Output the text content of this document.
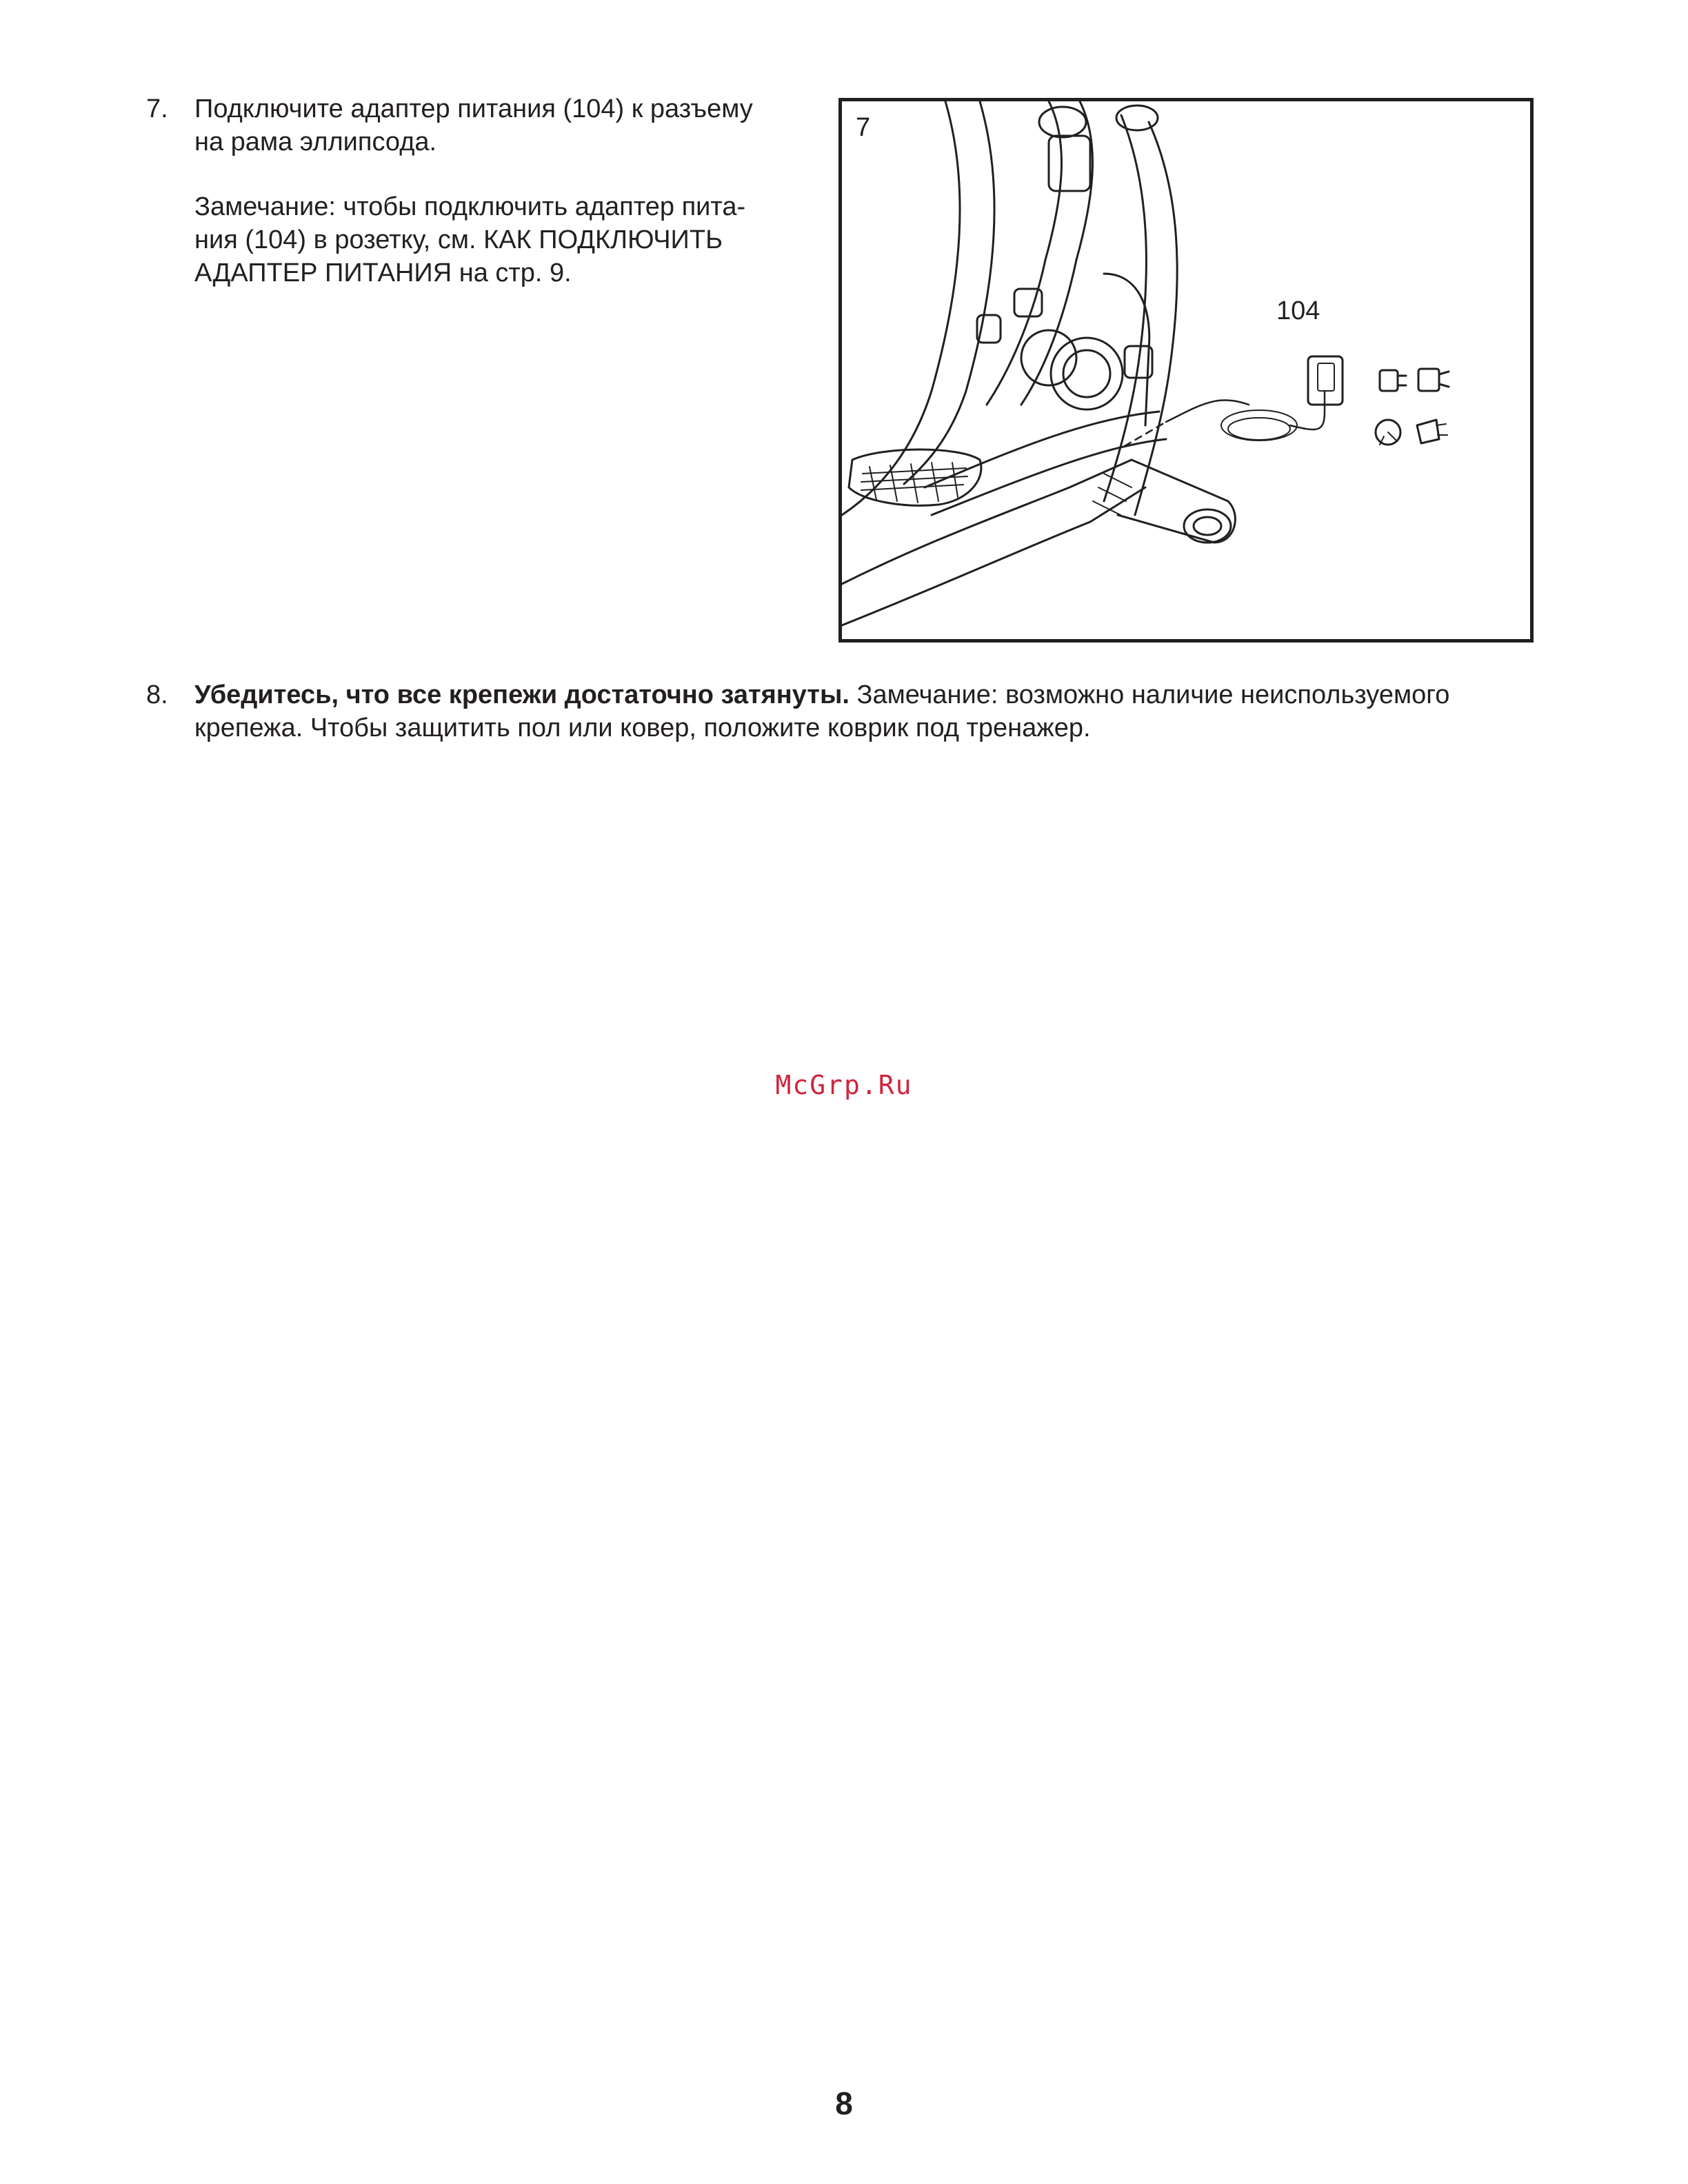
7. Подключите адаптер питания (104) к разъему
на рама эллипсода.
Замечание: чтобы подключить адаптер пита-
ния (104) в розетку, см. КАК ПОДКЛЮЧИТЬ
АДАПТЕР ПИТАНИЯ на стр. 9.
7
104
8. Убедитесь, что все крепежи достаточно затянуты. Замечание: возможно наличие неиспользуемого
крепежа. Чтобы защитить пол или ковер, положите коврик под тренажер.
McGrp.Ru
8
